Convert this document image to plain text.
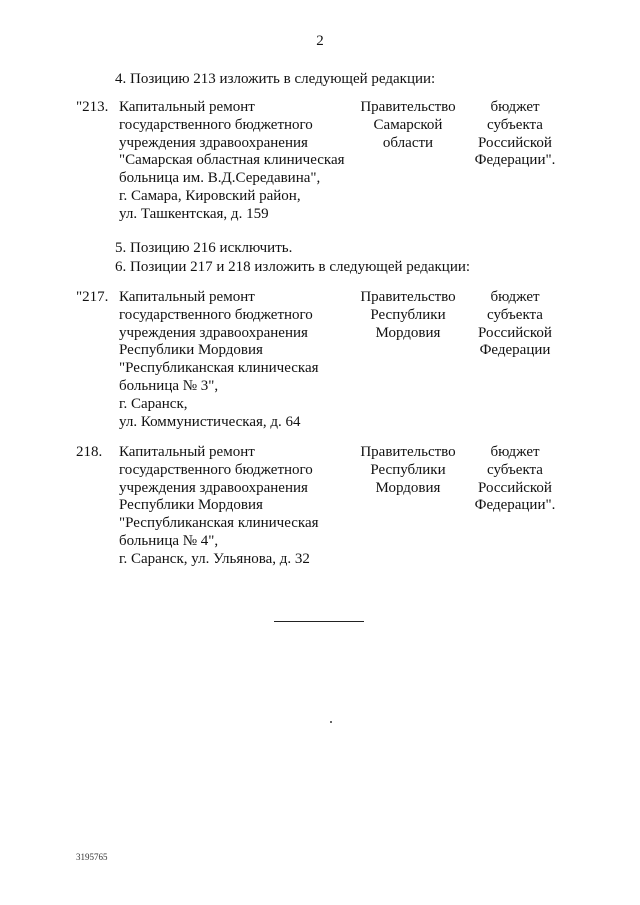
2
4. Позицию 213 изложить в следующей редакции:
"213. Капитальный ремонт
государственного бюджетного
учреждения здравоохранения
"Самарская областная клиническая
больница им. В.Д.Середавина",
г. Самара, Кировский район,
ул. Ташкентская, д. 159
Правительство
Самарской
области
бюджет
субъекта
Российской
Федерации".
5. Позицию 216 исключить.
6. Позиции 217 и 218 изложить в следующей редакции:
"217. Капитальный ремонт
государственного бюджетного
учреждения здравоохранения
Республики Мордовия
"Республиканская клиническая
больница № 3",
г. Саранск,
ул. Коммунистическая, д. 64
Правительство
Республики
Мордовия
бюджет
субъекта
Российской
Федерации
218. Капитальный ремонт
государственного бюджетного
учреждения здравоохранения
Республики Мордовия
"Республиканская клиническая
больница № 4",
г. Саранск, ул. Ульянова, д. 32
Правительство
Республики
Мордовия
бюджет
субъекта
Российской
Федерации".
3195765
